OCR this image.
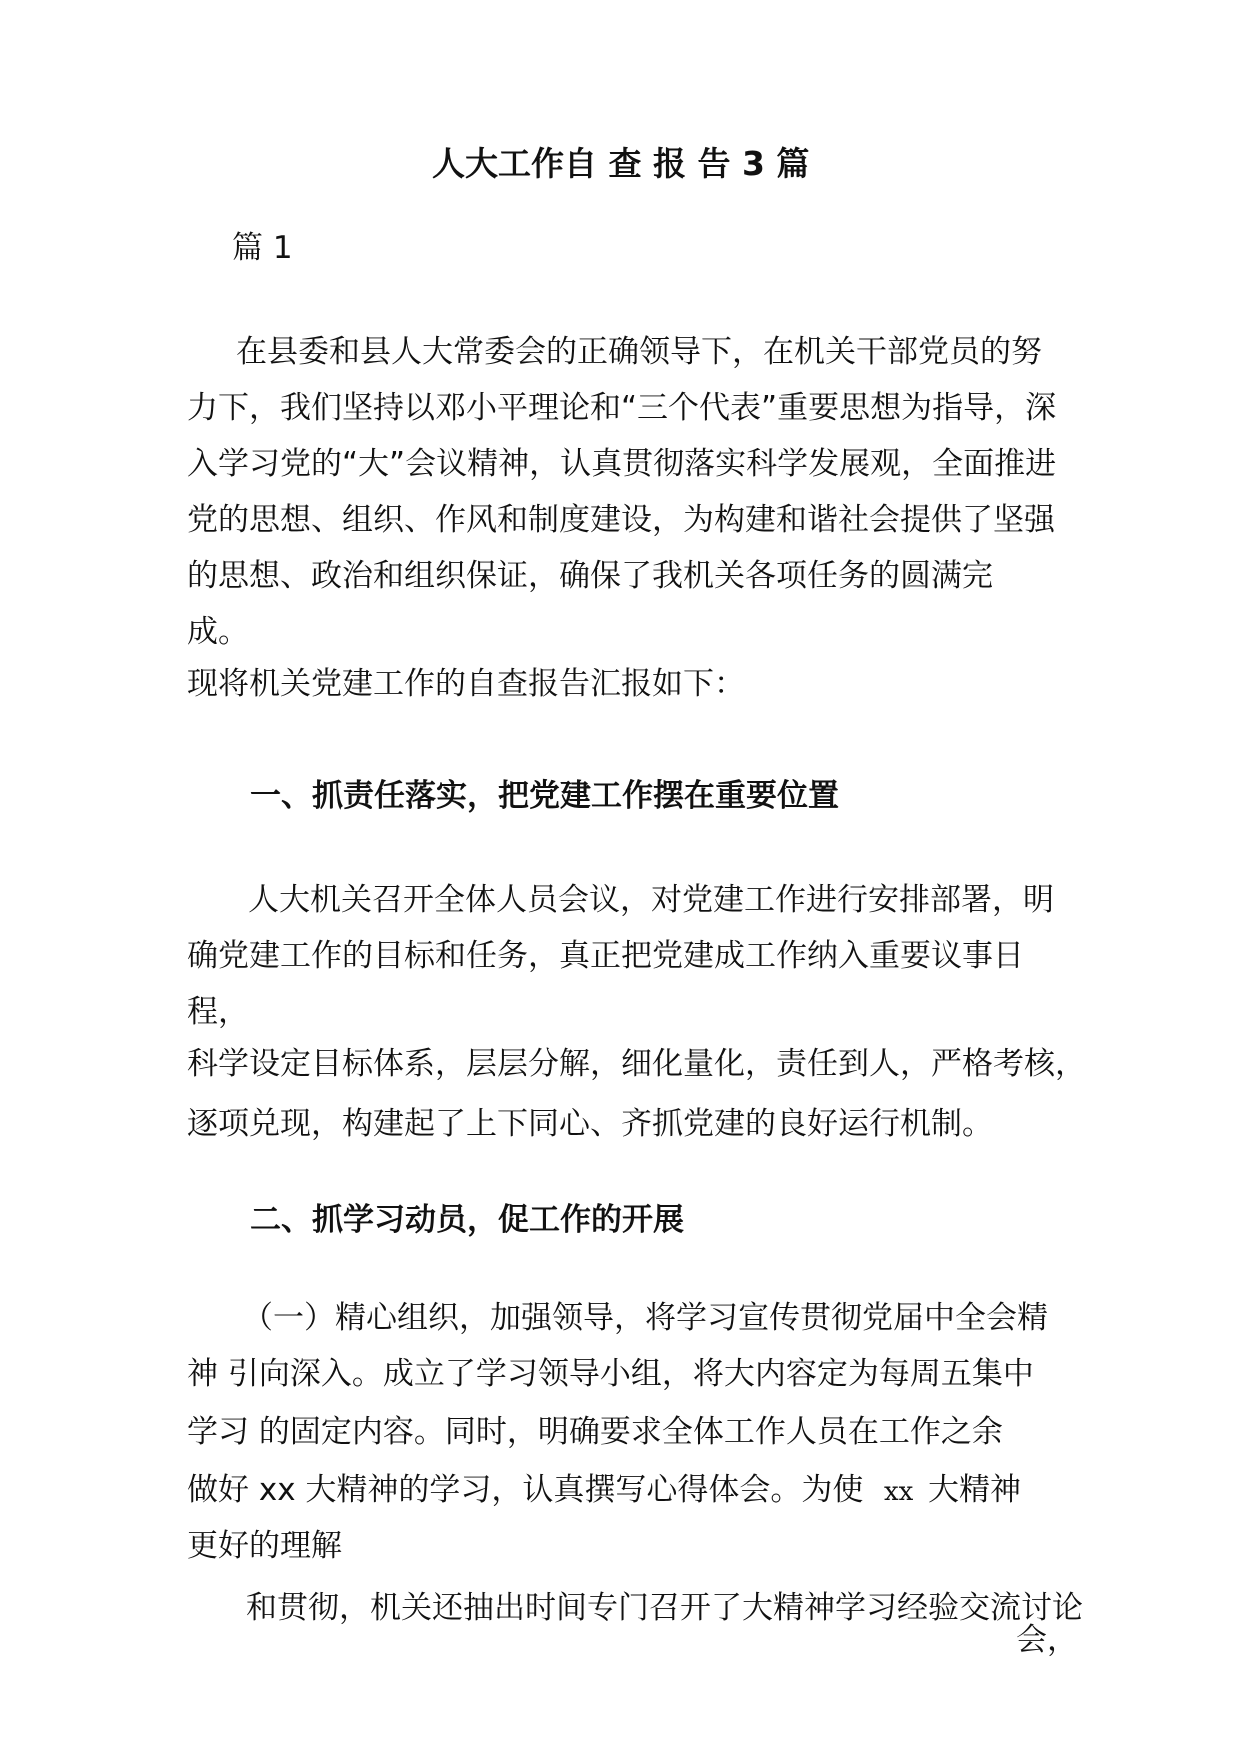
人大工作自 查 报 告 3 篇
篇 1
在县委和县人大常委会的正确领导下，在机关干部党员的努
力下，我们坚持以邓小平理论和“三个代表”重要思想为指导，深
入学习党的“大”会议精神，认真贯彻落实科学发展观，全面推进
党的思想、组织、作风和制度建设，为构建和谐社会提供了坚强
的思想、政治和组织保证，确保了我机关各项任务的圆满完
成。
现将机关党建工作的自查报告汇报如下：
一、抓责任落实，把党建工作摆在重要位置
人大机关召开全体人员会议，对党建工作进行安排部署，明
确党建工作的目标和任务，真正把党建成工作纳入重要议事日
程，
科学设定目标体系，层层分解，细化量化，责任到人，严格考核，
逐项兑现，构建起了上下同心、齐抓党建的良好运行机制。
二、抓学习动员，促工作的开展
（一）精心组织，加强领导，将学习宣传贯彻党届中全会精
神 引向深入。成立了学习领导小组，将大内容定为每周五集中
学习 的固定内容。同时，明确要求全体工作人员在工作之余
做好 xx 大精神的学习，认真撰写心得体会。为使 xx 大精神
更好的理解
和贯彻，机关还抽出时间专门召开了大精神学习经验交流讨论
会，
